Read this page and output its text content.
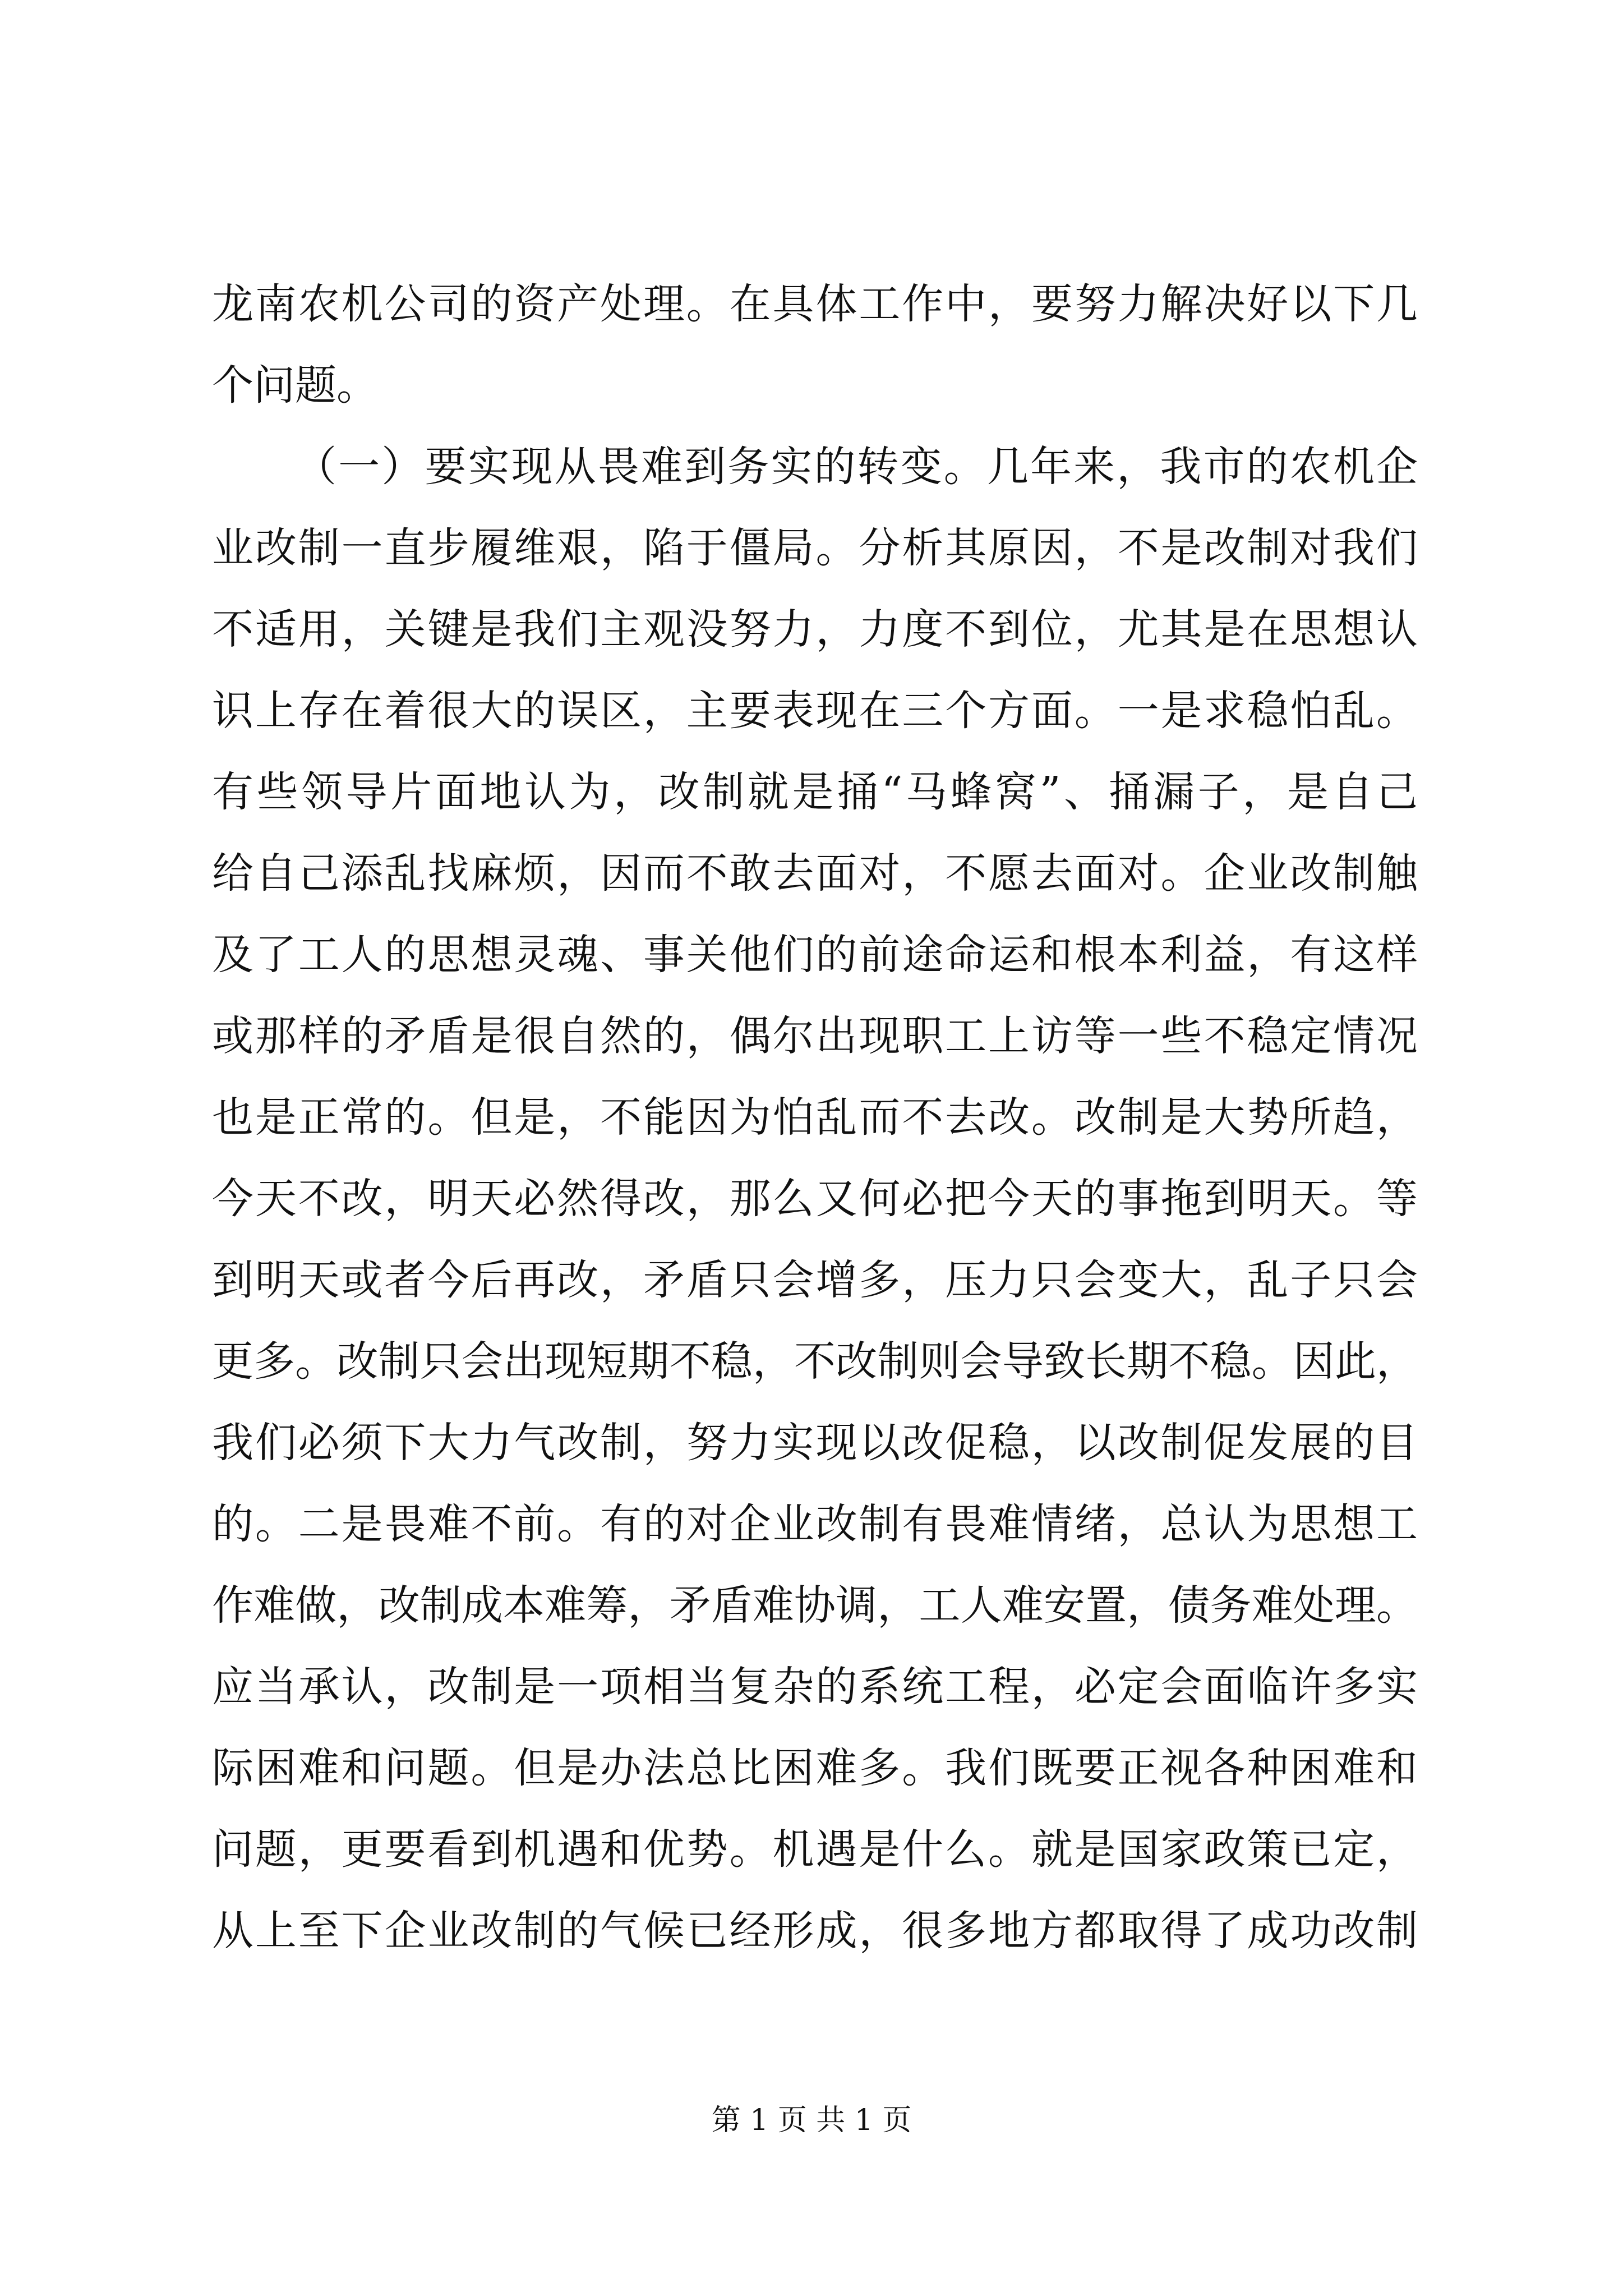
龙南农机公司的资产处理。在具体工作中，要努力解决好以下几
个问题。
（一）要实现从畏难到务实的转变。几年来，我市的农机企
业改制一直步履维艰，陷于僵局。分析其原因，不是改制对我们
不适用，关键是我们主观没努力，力度不到位，尤其是在思想认
识上存在着很大的误区，主要表现在三个方面。一是求稳怕乱。
有些领导片面地认为，改制就是捅“马蜂窝”、捅漏子，是自己
给自己添乱找麻烦，因而不敢去面对，不愿去面对。企业改制触
及了工人的思想灵魂、事关他们的前途命运和根本利益，有这样
或那样的矛盾是很自然的，偶尔出现职工上访等一些不稳定情况
也是正常的。但是，不能因为怕乱而不去改。改制是大势所趋，
今天不改，明天必然得改，那么又何必把今天的事拖到明天。等
到明天或者今后再改，矛盾只会增多，压力只会变大，乱子只会
更多。改制只会出现短期不稳，不改制则会导致长期不稳。因此，
我们必须下大力气改制，努力实现以改促稳，以改制促发展的目
的。二是畏难不前。有的对企业改制有畏难情绪，总认为思想工
作难做，改制成本难筹，矛盾难协调，工人难安置，债务难处理。
应当承认，改制是一项相当复杂的系统工程，必定会面临许多实
际困难和问题。但是办法总比困难多。我们既要正视各种困难和
问题，更要看到机遇和优势。机遇是什么。就是国家政策已定，
从上至下企业改制的气候已经形成，很多地方都取得了成功改制
第 1 页 共 1 页
